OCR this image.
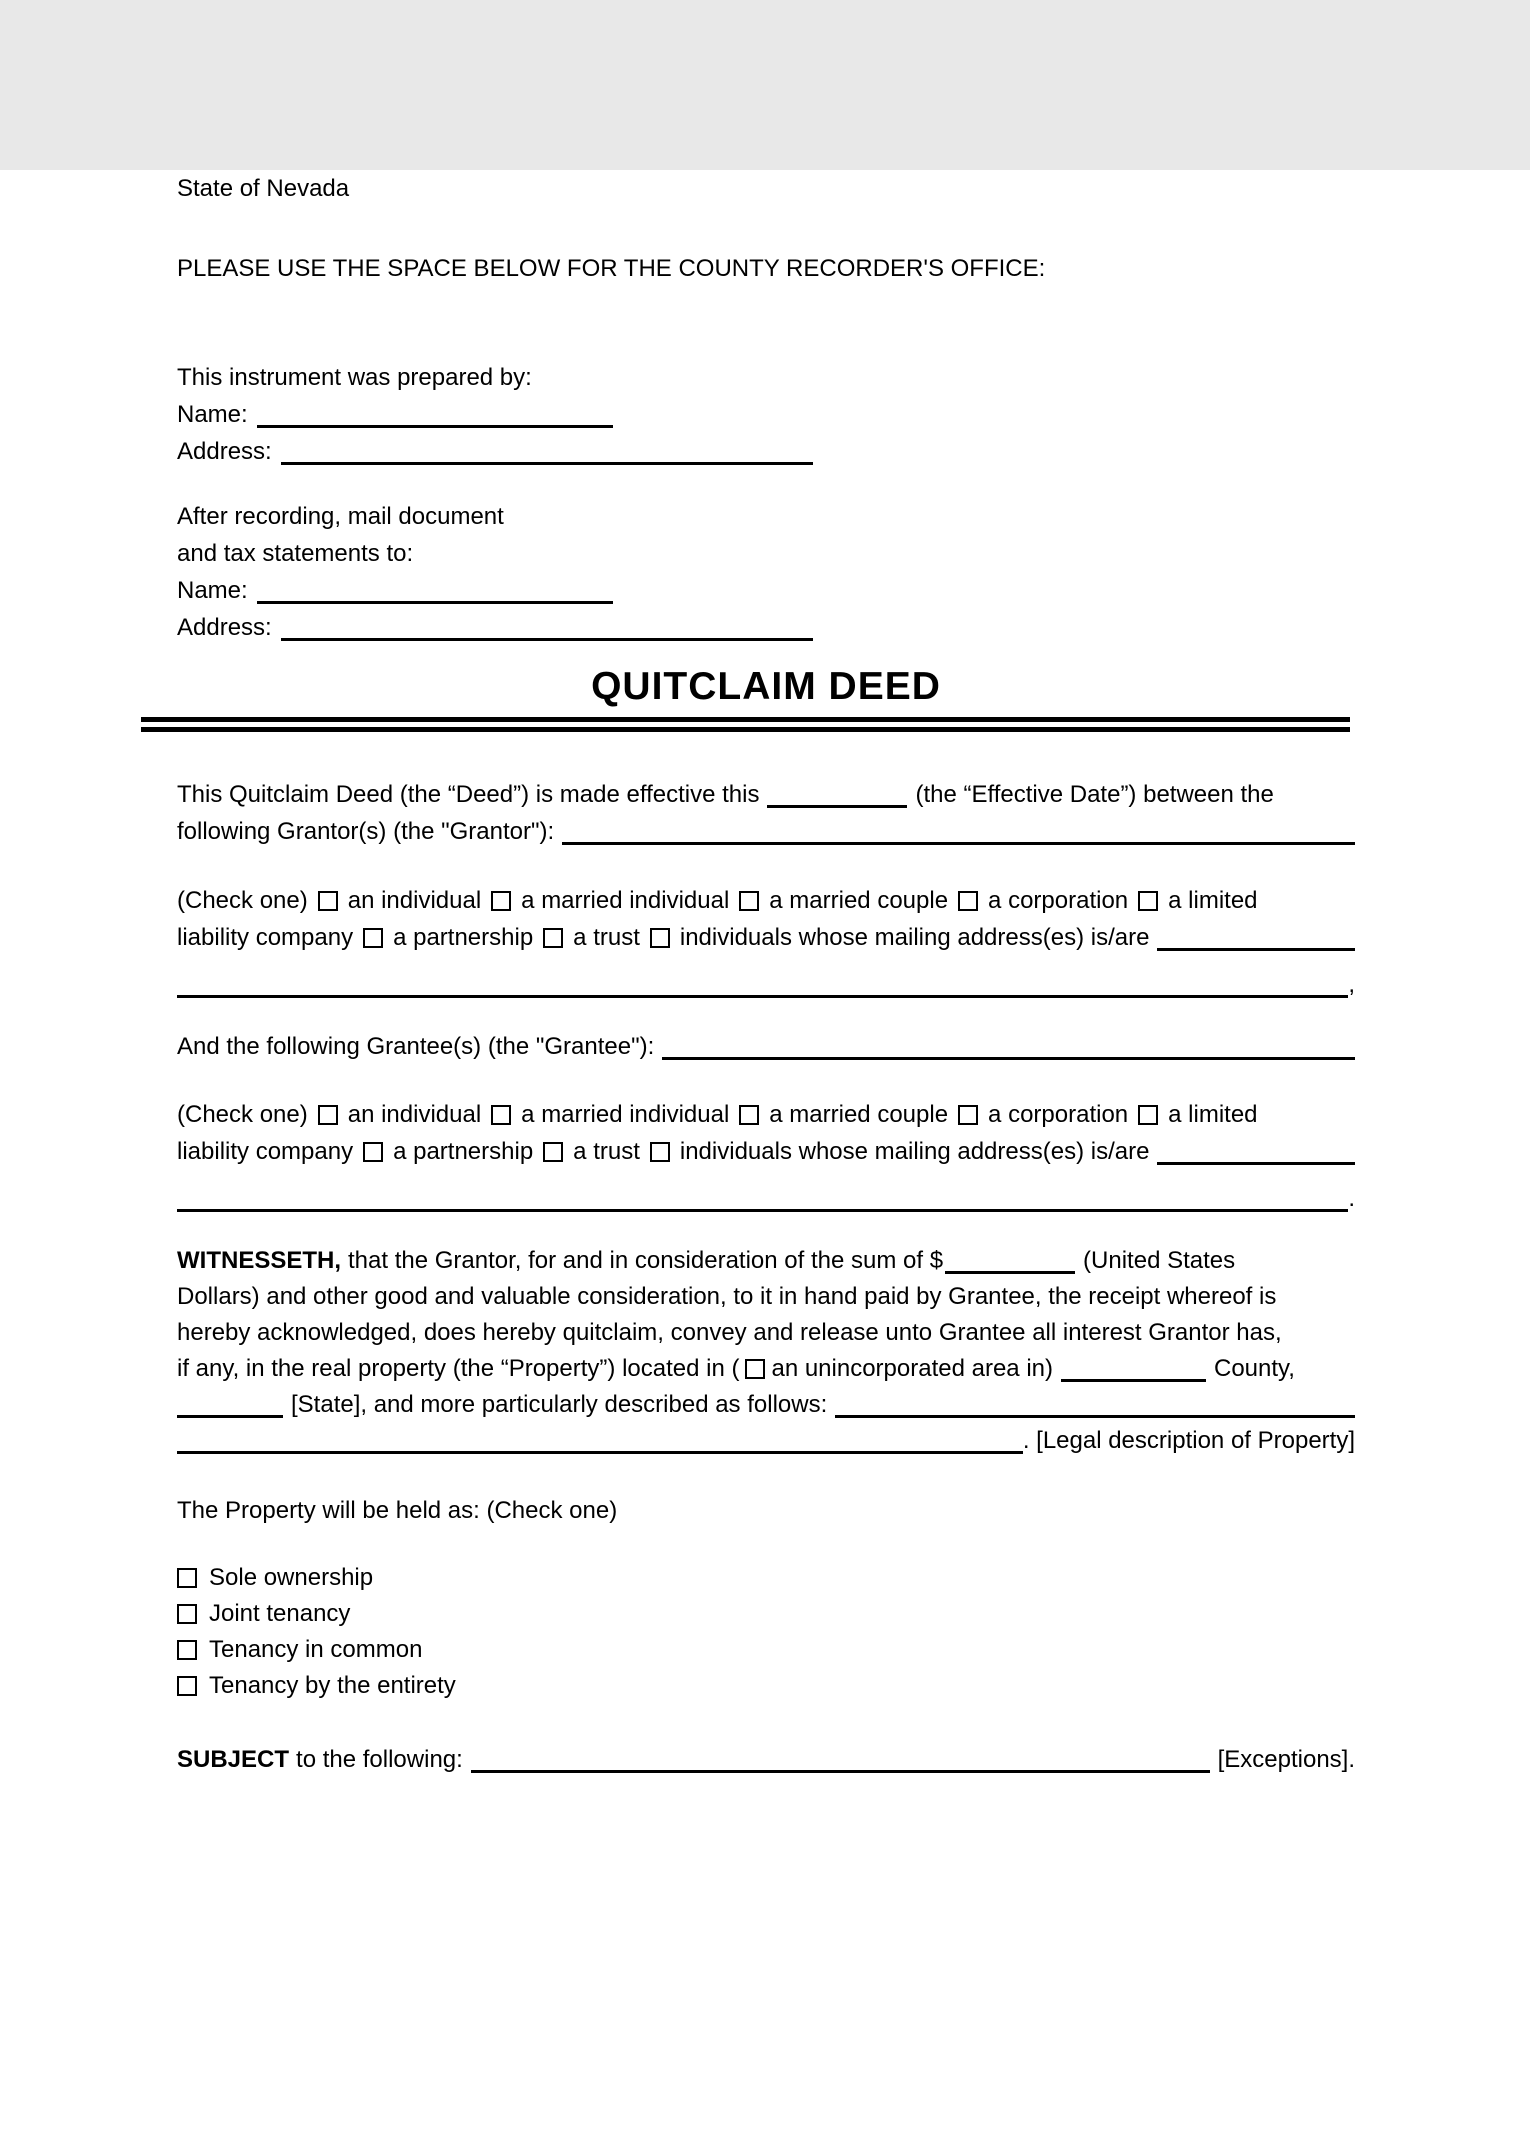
State of Nevada
PLEASE USE THE SPACE BELOW FOR THE COUNTY RECORDER'S OFFICE:
This instrument was prepared by:
Name:
Address:
After recording, mail document
and tax statements to:
Name:
Address:
QUITCLAIM DEED
This Quitclaim Deed (the “Deed”) is made effective this	(the “Effective Date”) between the
following Grantor(s) (the "Grantor"):
(Check one) an individual a married individual a married couple a corporation a limited
liability company a partnership a trust individuals whose mailing address(es) is/are
,
And the following Grantee(s) (the "Grantee"):
(Check one) an individual a married individual a married couple a corporation a limited
liability company a partnership a trust individuals whose mailing address(es) is/are
.
WITNESSETH, that the Grantor, for and in consideration of the sum of $	(United States
Dollars) and other good and valuable consideration, to it in hand paid by Grantee, the receipt whereof is
hereby acknowledged, does hereby quitclaim, convey and release unto Grantee all interest Grantor has,
if any, in the real property (the “Property”) located in ( an unincorporated area in)	County,
[State], and more particularly described as follows:
. [Legal description of Property]
The Property will be held as: (Check one)
Sole ownership
Joint tenancy
Tenancy in common
Tenancy by the entirety
SUBJECT to the following:	[Exceptions].
